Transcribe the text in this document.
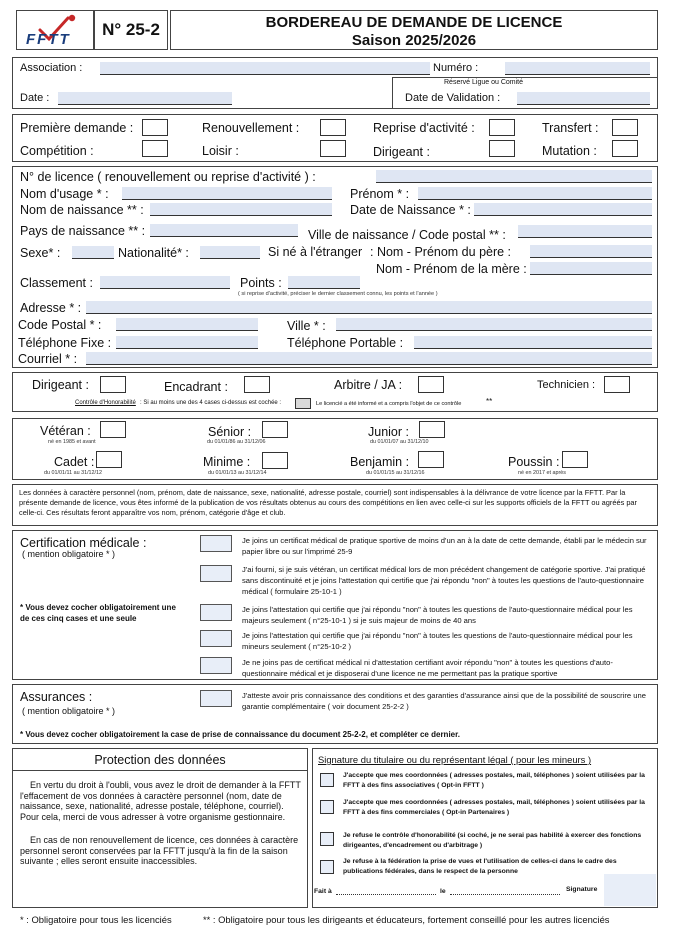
FFTT
N° 25-2	BORDEREAU DE DEMANDE DE LICENCE
Saison 2025/2026
Association :	Numéro :
Réservé Ligue ou Comité
Date :	Date de Validation :
Première demande :	Renouvellement :	Reprise d'activité :	Transfert :
Compétition :	Loisir :	Dirigeant :	Mutation :
N° de licence ( renouvellement ou reprise d'activité ) :
Nom d'usage * :	Prénom * :
Nom de naissance ** :	Date de Naissance * :
Pays de naissance ** :	Ville de naissance / Code postal ** :
Sexe* :	Nationalité* :	Si né à l'étranger : Nom - Prénom du père :
Nom - Prénom de la mère :
Classement :	Points :
( si reprise d'activité, préciser le dernier classement connu, les points et l'année )
Adresse * :
Code Postal * :	Ville * :
Téléphone Fixe :	Téléphone Portable :
Courriel * :
Dirigeant :	Encadrant :	Arbitre / JA :	Technicien :
Contrôle d'Honorabilité : Si au moins une des 4 cases ci-dessus est cochée :	Le licencié a été informé et a compris l'objet de ce contrôle	**
Vétéran :
né en 1985 et avant
Sénior :
du 01/01/86 au 31/12/06
Junior :
du 01/01/07 au 31/12/10
Cadet :
du 01/01/11 au 31/12/12
Minime :
du 01/01/13 au 31/12/14
Benjamin :
du 01/01/15 au 31/12/16
Poussin :
né en 2017 et après
Les données à caractère personnel (nom, prénom, date de naissance, sexe, nationalité, adresse postale, courriel) sont indispensables à la délivrance de votre licence par la FFTT. Par la présente demande de licence, vous êtes informé de la publication de vos résultats obtenus au cours des compétitions en lien avec celle-ci sur les supports officiels de la FFTT ou agréés par celle-ci. Ces résultats feront apparaître vos nom, prénom, catégorie d'âge et club.
Certification médicale :
( mention obligatoire * )
* Vous devez cocher obligatoirement une de ces cinq cases et une seule
Je joins un certificat médical de pratique sportive de moins d'un an à la date de cette demande, établi par le médecin sur papier libre ou sur l'imprimé 25-9
J'ai fourni, si je suis vétéran, un certificat médical lors de mon précédent changement de catégorie sportive. J'ai pratiqué sans discontinuité et je joins l'attestation qui certifie que j'ai répondu "non" à toutes les questions de l'auto-questionnaire médical ( formulaire 25-10-1 )
Je joins l'attestation qui certifie que j'ai répondu "non" à toutes les questions de l'auto-questionnaire médical pour les majeurs seulement ( n°25-10-1 ) si je suis majeur de moins de 40 ans
Je joins l'attestation qui certifie que j'ai répondu "non" à toutes les questions de l'auto-questionnaire médical pour les mineurs seulement ( n°25-10-2 )
Je ne joins pas de certificat médical ni d'attestation certifiant avoir répondu "non" à toutes les questions d'auto-questionnaire médical et je disposerai d'une licence ne me permettant pas la pratique sportive
Assurances :
( mention obligatoire * )
J'atteste avoir pris connaissance des conditions et des garanties d'assurance ainsi que de la possibilité de souscrire une garantie complémentaire ( voir document 25-2-2 )
* Vous devez cocher obligatoirement la case de prise de connaissance du document 25-2-2, et compléter ce dernier.
Protection des données
En vertu du droit à l'oubli, vous avez le droit de demander à la FFTT l'effacement de vos données à caractère personnel (nom, date de naissance, sexe, nationalité, adresse postale, téléphone, courriel). Pour cela, merci de vous adresser à votre organisme gestionnaire.
En cas de non renouvellement de licence, ces données à caractère personnel seront conservées par la FFTT jusqu'à la fin de la saison suivante ; elles seront ensuite inaccessibles.
Signature du titulaire ou du représentant légal ( pour les mineurs )
J'accepte que mes coordonnées ( adresses postales, mail, téléphones ) soient utilisées par la FFTT à des fins associatives ( Opt-in FFTT )
J'accepte que mes coordonnées ( adresses postales, mail, téléphones ) soient utilisées par la FFTT à des fins commerciales ( Opt-in Partenaires )
Je refuse le contrôle d'honorabilité (si coché, je ne serai pas habilité à exercer des fonctions dirigeantes, d'encadrement ou d'arbitrage )
Je refuse à la fédération la prise de vues et l'utilisation de celles-ci dans le cadre des publications fédérales, dans le respect de la personne
Fait à	le	Signature
* : Obligatoire pour tous les licenciés	** : Obligatoire pour tous les dirigeants et éducateurs, fortement conseillé pour les autres licenciés
